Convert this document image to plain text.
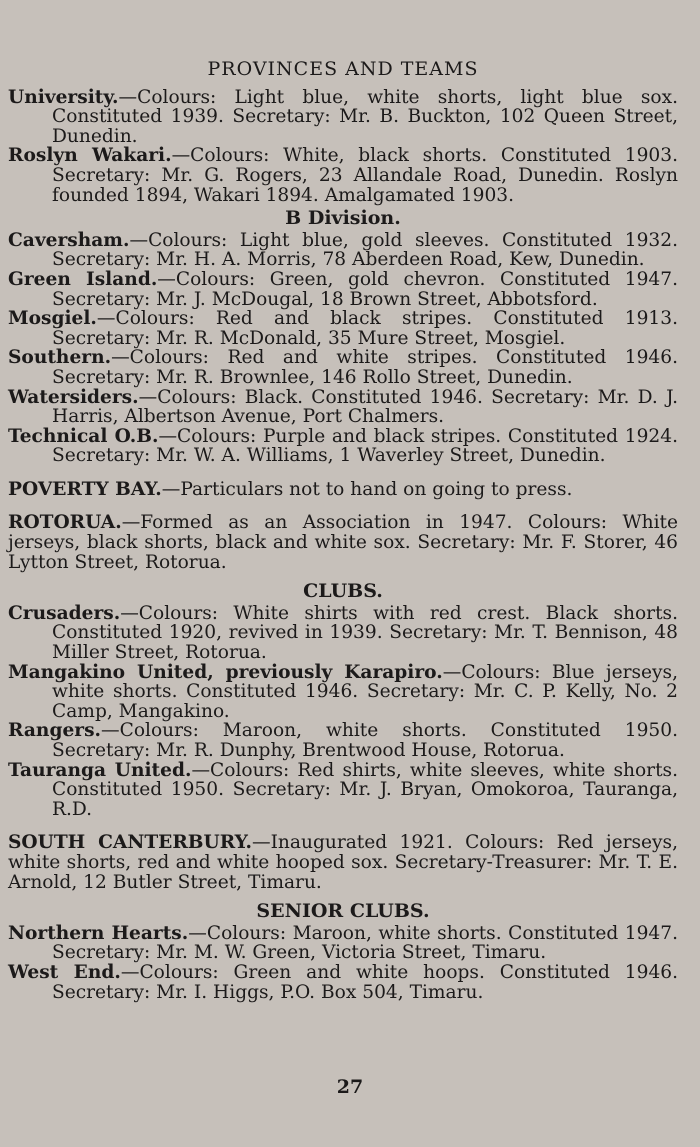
PROVINCES AND TEAMS

University.—Colours: Light blue, white shorts, light blue sox. Constituted 1939. Secretary: Mr. B. Buckton, 102 Queen Street, Dunedin.

Roslyn Wakari.—Colours: White, black shorts. Constituted 1903. Secretary: Mr. G. Rogers, 23 Allandale Road, Dunedin. Roslyn founded 1894, Wakari 1894. Amalgamated 1903.

B Division.

Caversham.—Colours: Light blue, gold sleeves. Constituted 1932. Secretary: Mr. H. A. Morris, 78 Aberdeen Road, Kew, Dunedin.

Green Island.—Colours: Green, gold chevron. Constituted 1947. Secretary: Mr. J. McDougal, 18 Brown Street, Abbotsford.

Mosgiel.—Colours: Red and black stripes. Constituted 1913. Secretary: Mr. R. McDonald, 35 Mure Street, Mosgiel.

Southern.—Colours: Red and white stripes. Constituted 1946. Secretary: Mr. R. Brownlee, 146 Rollo Street, Dunedin.

Watersiders.—Colours: Black. Constituted 1946. Secretary: Mr. D. J. Harris, Albertson Avenue, Port Chalmers.

Technical O.B.—Colours: Purple and black stripes. Constituted 1924. Secretary: Mr. W. A. Williams, 1 Waverley Street, Dunedin.

POVERTY BAY.—Particulars not to hand on going to press.

ROTORUA.—Formed as an Association in 1947. Colours: White jerseys, black shorts, black and white sox. Secretary: Mr. F. Storer, 46 Lytton Street, Rotorua.

CLUBS.

Crusaders.—Colours: White shirts with red crest. Black shorts. Constituted 1920, revived in 1939. Secretary: Mr. T. Bennison, 48 Miller Street, Rotorua.

Mangakino United, previously Karapiro.—Colours: Blue jerseys, white shorts. Constituted 1946. Secretary: Mr. C. P. Kelly, No. 2 Camp, Mangakino.

Rangers.—Colours: Maroon, white shorts. Constituted 1950. Secretary: Mr. R. Dunphy, Brentwood House, Rotorua.

Tauranga United.—Colours: Red shirts, white sleeves, white shorts. Constituted 1950. Secretary: Mr. J. Bryan, Omokoroa, Tauranga, R.D.

SOUTH CANTERBURY.—Inaugurated 1921. Colours: Red jerseys, white shorts, red and white hooped sox. Secretary-Treasurer: Mr. T. E. Arnold, 12 Butler Street, Timaru.

SENIOR CLUBS.

Northern Hearts.—Colours: Maroon, white shorts. Constituted 1947. Secretary: Mr. M. W. Green, Victoria Street, Timaru.

West End.—Colours: Green and white hoops. Constituted 1946. Secretary: Mr. I. Higgs, P.O. Box 504, Timaru.

27
